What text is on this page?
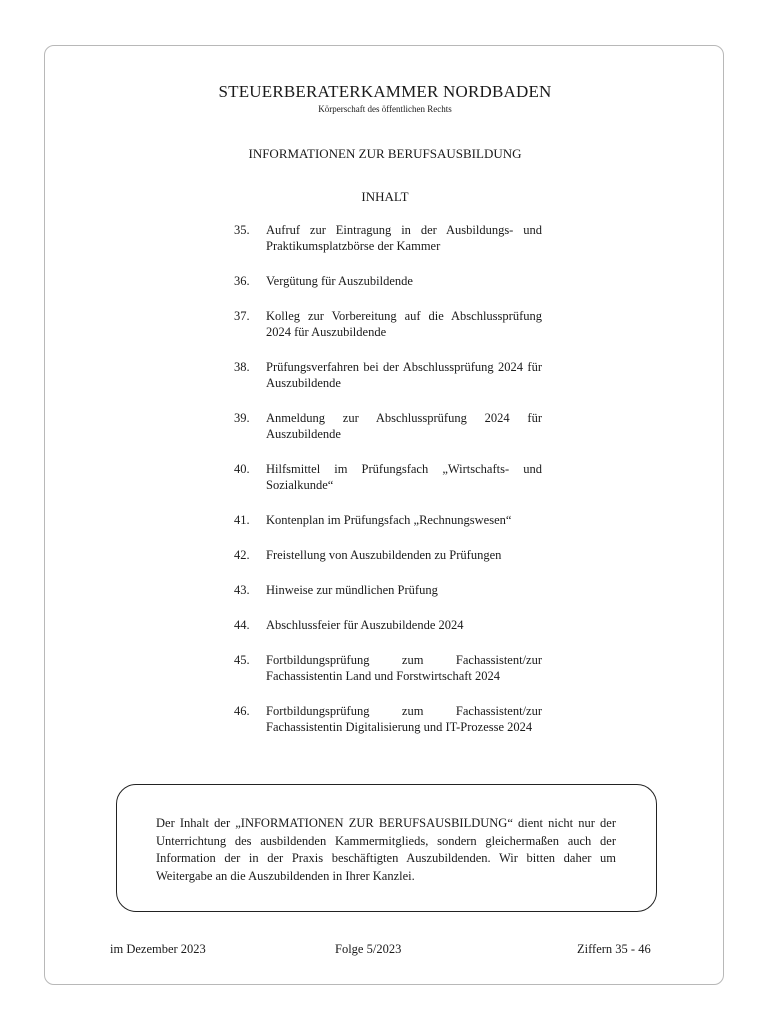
STEUERBERATERKAMMER NORDBADEN
Körperschaft des öffentlichen Rechts
INFORMATIONEN ZUR BERUFSAUSBILDUNG
INHALT
35.	Aufruf zur Eintragung in der Ausbildungs- und Praktikumsplatzbörse der Kammer
36.	Vergütung für Auszubildende
37.	Kolleg zur Vorbereitung auf die Abschlussprüfung 2024 für Auszubildende
38.	Prüfungsverfahren bei der Abschlussprüfung 2024 für Auszubildende
39.	Anmeldung zur Abschlussprüfung 2024 für Auszubildende
40.	Hilfsmittel im Prüfungsfach „Wirtschafts- und Sozialkunde“
41.	Kontenplan im Prüfungsfach „Rechnungswesen“
42.	Freistellung von Auszubildenden zu Prüfungen
43.	Hinweise zur mündlichen Prüfung
44.	Abschlussfeier für Auszubildende 2024
45.	Fortbildungsprüfung zum Fachassistent/zur Fachassistentin Land und Forstwirtschaft 2024
46.	Fortbildungsprüfung zum Fachassistent/zur Fachassistentin Digitalisierung und IT-Prozesse 2024

Der Inhalt der „INFORMATIONEN ZUR BERUFSAUSBILDUNG“ dient nicht nur der Unterrichtung des ausbildenden Kammermitglieds, sondern gleichermaßen auch der Information der in der Praxis beschäftigten Auszubildenden. Wir bitten daher um Weitergabe an die Auszubildenden in Ihrer Kanzlei.

im Dezember 2023	Folge 5/2023	Ziffern 35 - 46
